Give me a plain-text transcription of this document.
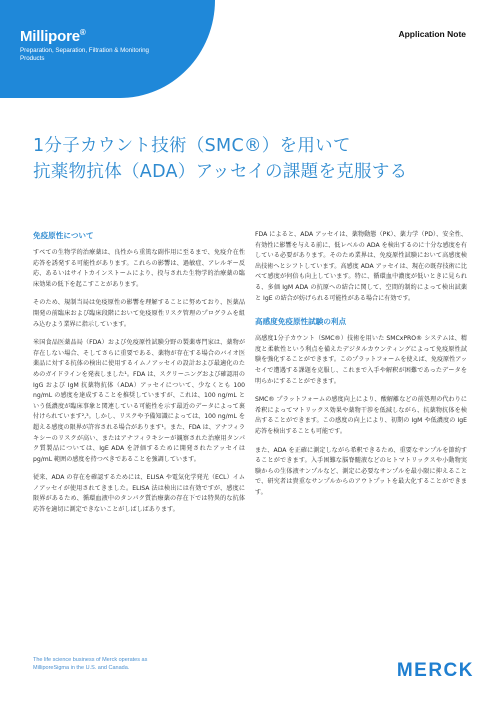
Millipore®
Preparation, Separation, Filtration & Monitoring Products
Application Note
1分子カウント技術（SMC®）を用いて
抗薬物抗体（ADA）アッセイの課題を克服する
免疫原性について

すべての生物学的治療薬は、良性から重篤な副作用に至るまで、免疫介在性応答を誘発する可能性があります。これらの影響は、過敏症、アレルギー反応、あるいはサイトカインストームにより、投与された生物学的治療薬の臨床効果の低下を起こすことがあります。

そのため、規制当局は免疫原性の影響を理解することに努めており、医薬品開発の前臨床および臨床段階において免疫原性リスク管理のプログラムを組み込むよう業界に指示しています。

米国食品医薬品局（FDA）および免疫原性試験分野の製薬専門家は、薬物が存在しない場合、そしてさらに重要である、薬物が存在する場合のバイオ医薬品に対する抗体の検出に使用するイムノアッセイの設計および最適化のためのガイドラインを発表しました¹。FDA は、スクリーニングおよび確認用の IgG および IgM 抗薬物抗体（ADA）アッセイについて、少なくとも 100 ng/mL の感度を達成することを推奨していますが、これは、100 ng/mL という低濃度が臨床事象と関連している可能性を示す最近のデータによって裏付けられています²,³。しかし、リスクや予備知識によっては、100 ng/mL を超える感度の限界が許容される場合があります¹。また、FDA は、アナフィラキシーのリスクが高い、またはアナフィラキシーが観察された治療用タンパク質製品については、IgE ADA を評価するために開発されたアッセイは pg/mL 範囲の感度を持つべきであることを強調しています。

従来、ADA の存在を確認するためには、ELISA や電気化学発光（ECL）イムノアッセイが使用されてきました。ELISA 法は検出には有効ですが、感度に限界があるため、循環血液中のタンパク質治療薬の存在下では特異的な抗体応答を適切に測定できないことがしばしばあります。

FDA によると、ADA アッセイは、薬物動態（PK）、薬力学（PD）、安全性、有効性に影響を与える前に、低レベルの ADA を検出するのに十分な感度を有している必要があります。そのため業界は、免疫原性試験において高感度検出技術へとシフトしています。高感度 ADA アッセイは、現在の既存技術に比べて感度が何倍も向上しています。特に、循環血中濃度が低いときに見られる、多価 IgM ADA の抗原への結合に関して、空間的制約によって検出試薬と IgE の結合が妨げられる可能性がある場合に有効です。

高感度免疫原性試験の利点

高感度1分子カウント（SMC®）技術を用いた SMCxPRO® システムは、精度と柔軟性という利点を備えたデジタルカウンティングによって免疫原性試験を強化することができます。このプラットフォームを使えば、免疫原性アッセイで遭遇する課題を克服し、これまで入手や解釈が困難であったデータを明らかにすることができます。

SMC® プラットフォームの感度向上により、酸解離などの前処理の代わりに希釈によってマトリックス効果や薬物干渉を低減しながら、抗薬物抗体を検出することができます。この感度の向上により、初期の IgM や低濃度の IgE 応答を検出することも可能です。

また、ADA を正確に測定しながら希釈できるため、重要なサンプルを節約することができます。入手困難な脳脊髄液などのヒトマトリックスや小動物実験からの生体液サンプルなど、測定に必要なサンプルを最小限に抑えることで、研究者は貴重なサンプルからのアウトプットを最大化することができます。

The life science business of Merck operates as MilliporeSigma in the U.S. and Canada.	MERCK
